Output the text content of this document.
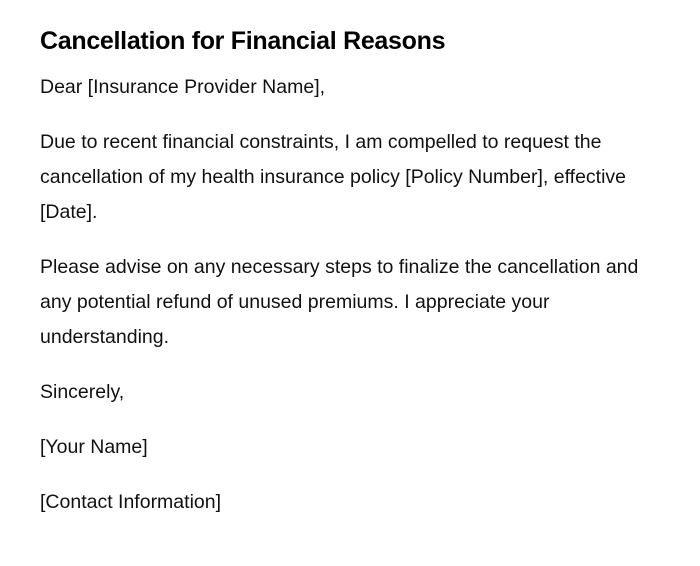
Cancellation for Financial Reasons

Dear [Insurance Provider Name],

Due to recent financial constraints, I am compelled to request the cancellation of my health insurance policy [Policy Number], effective [Date].

Please advise on any necessary steps to finalize the cancellation and any potential refund of unused premiums. I appreciate your understanding.

Sincerely,

[Your Name]

[Contact Information]
